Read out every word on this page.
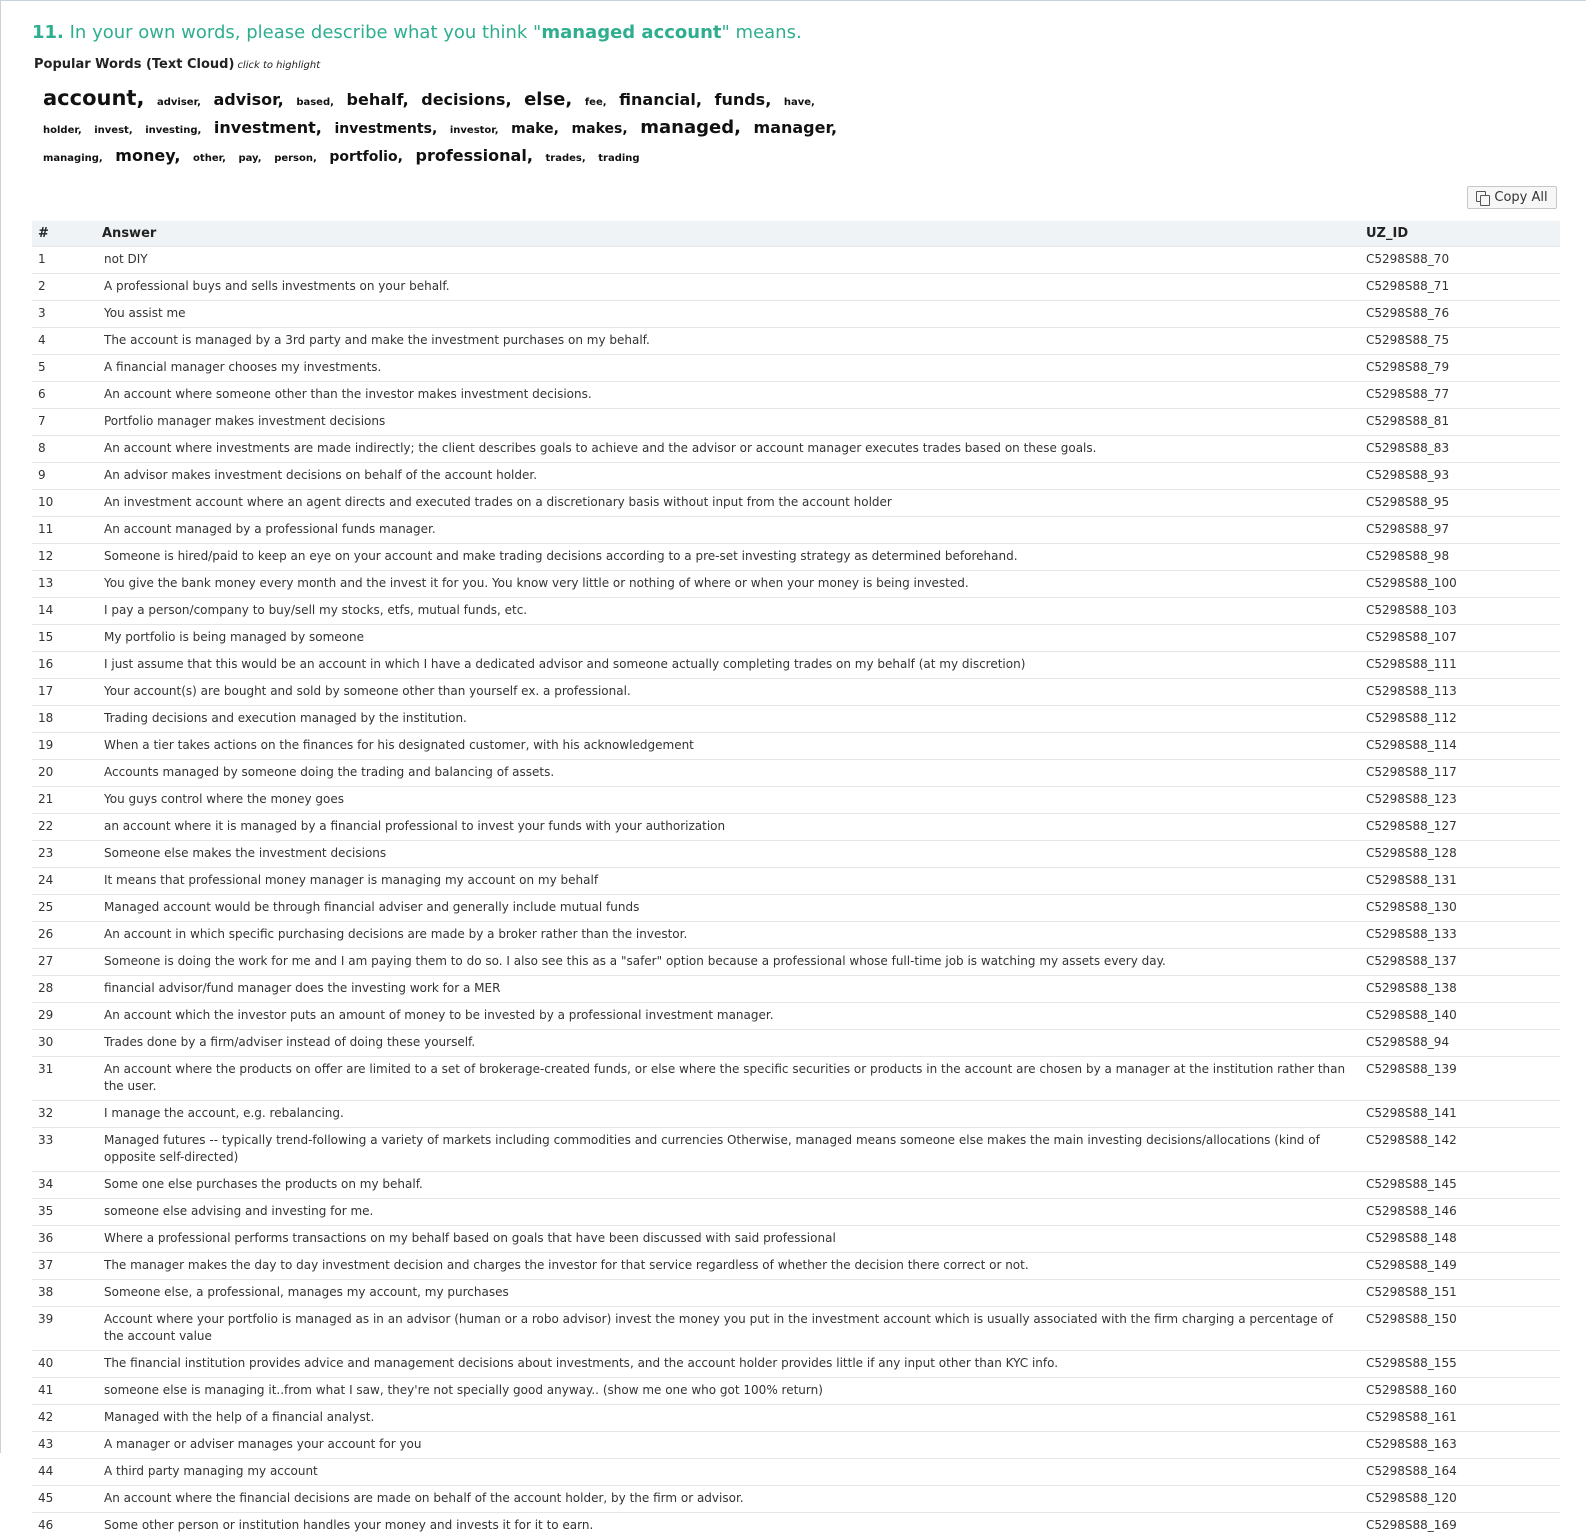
11. In your own words, please describe what you think "managed account" means.
Popular Words (Text Cloud) click to highlight
account , adviser , advisor , based , behalf , decisions , else , fee , financial , funds , have , holder , invest , investing , investment , investments , investor , make , makes , managed , manager , managing , money , other , pay , person , portfolio , professional , trades , trading
Copy All
#	Answer	UZ_ID
1	not DIY	C5298S88_70
2	A professional buys and sells investments on your behalf.	C5298S88_71
3	You assist me	C5298S88_76
4	The account is managed by a 3rd party and make the investment purchases on my behalf.	C5298S88_75
5	A financial manager chooses my investments.	C5298S88_79
6	An account where someone other than the investor makes investment decisions.	C5298S88_77
7	Portfolio manager makes investment decisions	C5298S88_81
8	An account where investments are made indirectly; the client describes goals to achieve and the advisor or account manager executes trades based on these goals.	C5298S88_83
9	An advisor makes investment decisions on behalf of the account holder.	C5298S88_93
10	An investment account where an agent directs and executed trades on a discretionary basis without input from the account holder	C5298S88_95
11	An account managed by a professional funds manager.	C5298S88_97
12	Someone is hired/paid to keep an eye on your account and make trading decisions according to a pre-set investing strategy as determined beforehand.	C5298S88_98
13	You give the bank money every month and the invest it for you. You know very little or nothing of where or when your money is being invested.	C5298S88_100
14	I pay a person/company to buy/sell my stocks, etfs, mutual funds, etc.	C5298S88_103
15	My portfolio is being managed by someone	C5298S88_107
16	I just assume that this would be an account in which I have a dedicated advisor and someone actually completing trades on my behalf (at my discretion)	C5298S88_111
17	Your account(s) are bought and sold by someone other than yourself ex. a professional.	C5298S88_113
18	Trading decisions and execution managed by the institution.	C5298S88_112
19	When a tier takes actions on the finances for his designated customer, with his acknowledgement	C5298S88_114
20	Accounts managed by someone doing the trading and balancing of assets.	C5298S88_117
21	You guys control where the money goes	C5298S88_123
22	an account where it is managed by a financial professional to invest your funds with your authorization	C5298S88_127
23	Someone else makes the investment decisions	C5298S88_128
24	It means that professional money manager is managing my account on my behalf	C5298S88_131
25	Managed account would be through financial adviser and generally include mutual funds	C5298S88_130
26	An account in which specific purchasing decisions are made by a broker rather than the investor.	C5298S88_133
27	Someone is doing the work for me and I am paying them to do so. I also see this as a "safer" option because a professional whose full-time job is watching my assets every day.	C5298S88_137
28	financial advisor/fund manager does the investing work for a MER	C5298S88_138
29	An account which the investor puts an amount of money to be invested by a professional investment manager.	C5298S88_140
30	Trades done by a firm/adviser instead of doing these yourself.	C5298S88_94
31	An account where the products on offer are limited to a set of brokerage-created funds, or else where the specific securities or products in the account are chosen by a manager at the institution rather than the user.	C5298S88_139
32	I manage the account, e.g. rebalancing.	C5298S88_141
33	Managed futures -- typically trend-following a variety of markets including commodities and currencies Otherwise, managed means someone else makes the main investing decisions/allocations (kind of opposite self-directed)	C5298S88_142
34	Some one else purchases the products on my behalf.	C5298S88_145
35	someone else advising and investing for me.	C5298S88_146
36	Where a professional performs transactions on my behalf based on goals that have been discussed with said professional	C5298S88_148
37	The manager makes the day to day investment decision and charges the investor for that service regardless of whether the decision there correct or not.	C5298S88_149
38	Someone else, a professional, manages my account, my purchases	C5298S88_151
39	Account where your portfolio is managed as in an advisor (human or a robo advisor) invest the money you put in the investment account which is usually associated with the firm charging a percentage of the account value	C5298S88_150
40	The financial institution provides advice and management decisions about investments, and the account holder provides little if any input other than KYC info.	C5298S88_155
41	someone else is managing it..from what I saw, they're not specially good anyway.. (show me one who got 100% return)	C5298S88_160
42	Managed with the help of a financial analyst.	C5298S88_161
43	A manager or adviser manages your account for you	C5298S88_163
44	A third party managing my account	C5298S88_164
45	An account where the financial decisions are made on behalf of the account holder, by the firm or advisor.	C5298S88_120
46	Some other person or institution handles your money and invests it for it to earn.	C5298S88_169
